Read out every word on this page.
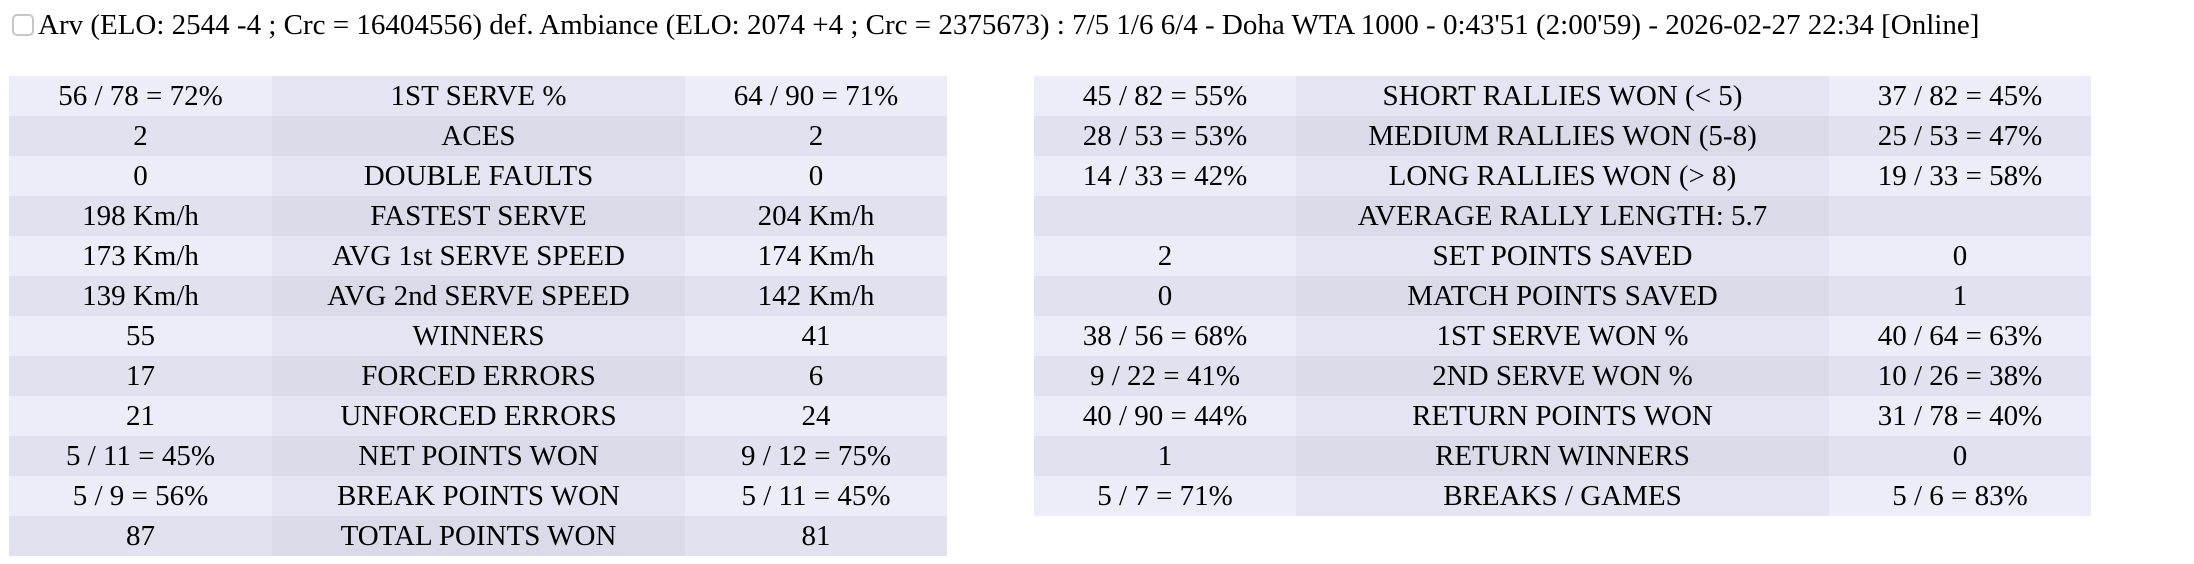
Arv (ELO: 2544 -4 ; Crc = 16404556) def. Ambiance (ELO: 2074 +4 ; Crc = 2375673) : 7/5 1/6 6/4 - Doha WTA 1000 - 0:43'51 (2:00'59) - 2026-02-27 22:34 [Online]
56 / 78 = 72%	1ST SERVE %	64 / 90 = 71%
2	ACES	2
0	DOUBLE FAULTS	0
198 Km/h	FASTEST SERVE	204 Km/h
173 Km/h	AVG 1st SERVE SPEED	174 Km/h
139 Km/h	AVG 2nd SERVE SPEED	142 Km/h
55	WINNERS	41
17	FORCED ERRORS	6
21	UNFORCED ERRORS	24
5 / 11 = 45%	NET POINTS WON	9 / 12 = 75%
5 / 9 = 56%	BREAK POINTS WON	5 / 11 = 45%
87	TOTAL POINTS WON	81
45 / 82 = 55%	SHORT RALLIES WON (< 5)	37 / 82 = 45%
28 / 53 = 53%	MEDIUM RALLIES WON (5-8)	25 / 53 = 47%
14 / 33 = 42%	LONG RALLIES WON (> 8)	19 / 33 = 58%
	AVERAGE RALLY LENGTH: 5.7	
2	SET POINTS SAVED	0
0	MATCH POINTS SAVED	1
38 / 56 = 68%	1ST SERVE WON %	40 / 64 = 63%
9 / 22 = 41%	2ND SERVE WON %	10 / 26 = 38%
40 / 90 = 44%	RETURN POINTS WON	31 / 78 = 40%
1	RETURN WINNERS	0
5 / 7 = 71%	BREAKS / GAMES	5 / 6 = 83%
